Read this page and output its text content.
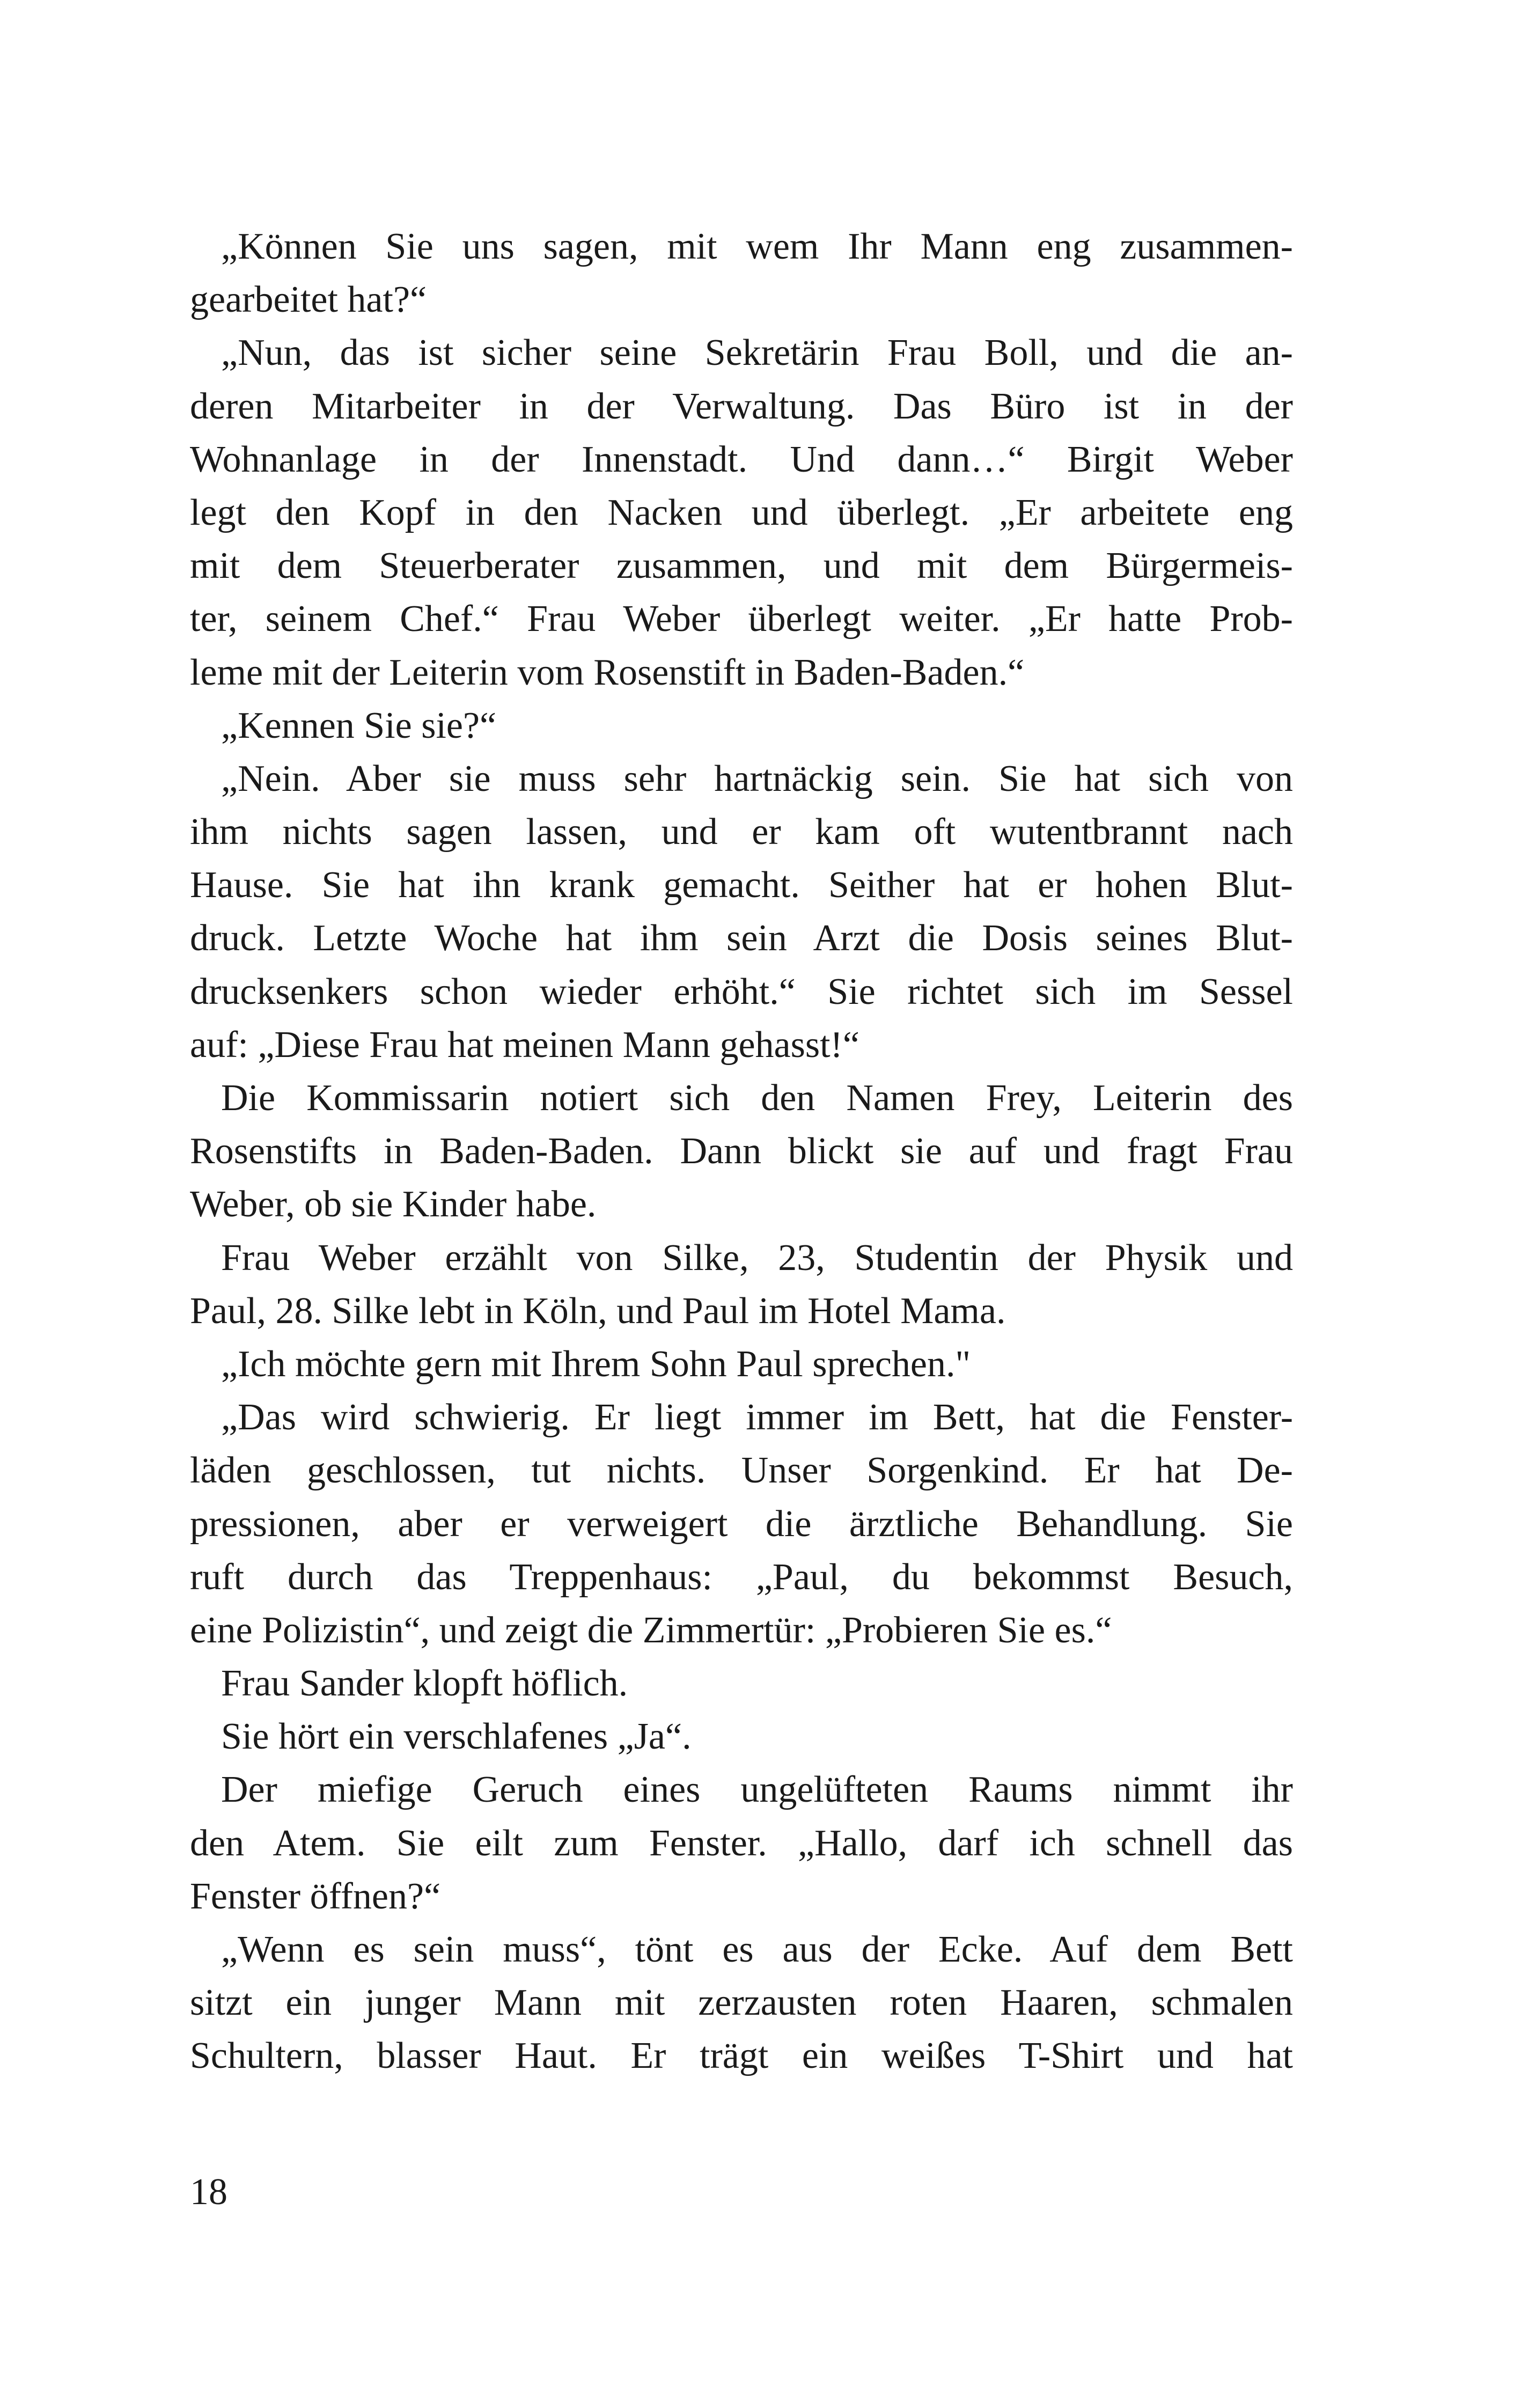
„Können Sie uns sagen, mit wem Ihr Mann eng zusammen-
gearbeitet hat?“
„Nun, das ist sicher seine Sekretärin Frau Boll, und die an-
deren Mitarbeiter in der Verwaltung. Das Büro ist in der
Wohnanlage in der Innenstadt. Und dann…“ Birgit Weber
legt den Kopf in den Nacken und überlegt. „Er arbeitete eng
mit dem Steuerberater zusammen, und mit dem Bürgermeis-
ter, seinem Chef.“ Frau Weber überlegt weiter. „Er hatte Prob-
leme mit der Leiterin vom Rosenstift in Baden-Baden.“
„Kennen Sie sie?“
„Nein. Aber sie muss sehr hartnäckig sein. Sie hat sich von
ihm nichts sagen lassen, und er kam oft wutentbrannt nach
Hause. Sie hat ihn krank gemacht. Seither hat er hohen Blut-
druck. Letzte Woche hat ihm sein Arzt die Dosis seines Blut-
drucksenkers schon wieder erhöht.“ Sie richtet sich im Sessel
auf: „Diese Frau hat meinen Mann gehasst!“
Die Kommissarin notiert sich den Namen Frey, Leiterin des
Rosenstifts in Baden-Baden. Dann blickt sie auf und fragt Frau
Weber, ob sie Kinder habe.
Frau Weber erzählt von Silke, 23, Studentin der Physik und
Paul, 28. Silke lebt in Köln, und Paul im Hotel Mama.
„Ich möchte gern mit Ihrem Sohn Paul sprechen."
„Das wird schwierig. Er liegt immer im Bett, hat die Fenster-
läden geschlossen, tut nichts. Unser Sorgenkind. Er hat De-
pressionen, aber er verweigert die ärztliche Behandlung. Sie
ruft durch das Treppenhaus: „Paul, du bekommst Besuch,
eine Polizistin“, und zeigt die Zimmertür: „Probieren Sie es.“
Frau Sander klopft höflich.
Sie hört ein verschlafenes „Ja“.
Der miefige Geruch eines ungelüfteten Raums nimmt ihr
den Atem. Sie eilt zum Fenster. „Hallo, darf ich schnell das
Fenster öffnen?“
„Wenn es sein muss“, tönt es aus der Ecke. Auf dem Bett
sitzt ein junger Mann mit zerzausten roten Haaren, schmalen
Schultern, blasser Haut. Er trägt ein weißes T-Shirt und hat
18
